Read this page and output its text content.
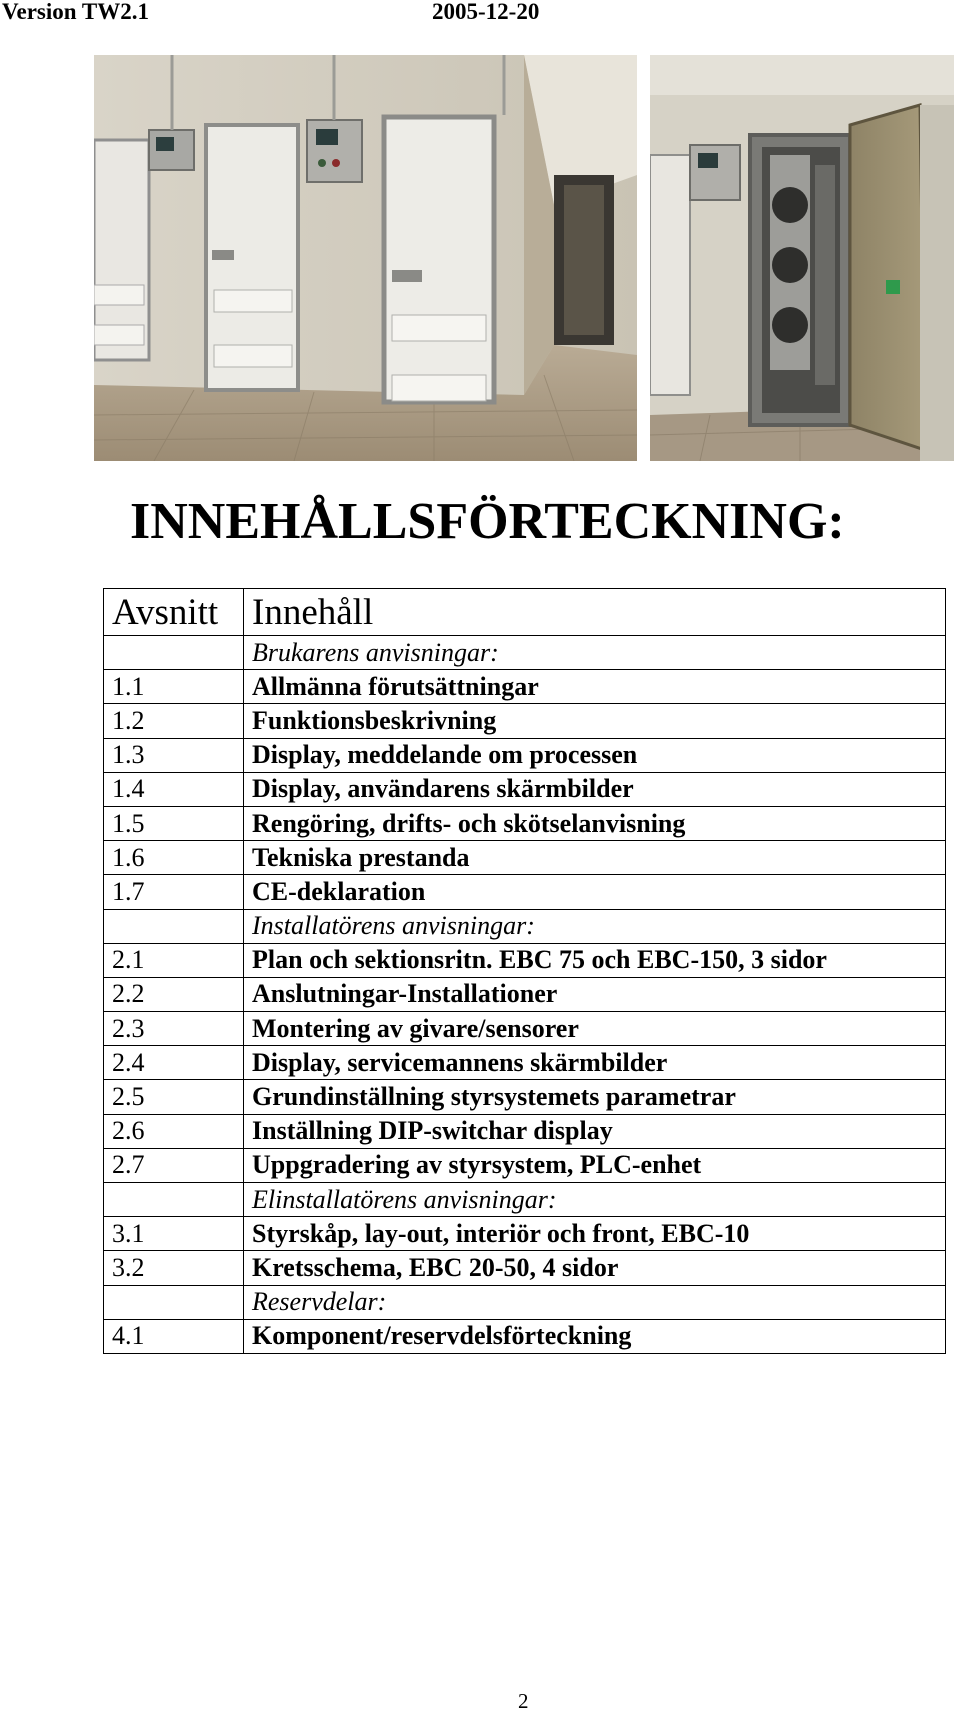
Version TW2.1	2005-12-20
INNEHÅLLSFÖRTECKNING:
Avsnitt	Innehåll
	Brukarens anvisningar:
1.1	Allmänna förutsättningar
1.2	Funktionsbeskrivning
1.3	Display, meddelande om processen
1.4	Display, användarens skärmbilder
1.5	Rengöring, drifts- och skötselanvisning
1.6	Tekniska prestanda
1.7	CE-deklaration
	Installatörens anvisningar:
2.1	Plan och sektionsritn. EBC 75 och EBC-150, 3 sidor
2.2	Anslutningar-Installationer
2.3	Montering av givare/sensorer
2.4	Display, servicemannens skärmbilder
2.5	Grundinställning styrsystemets parametrar
2.6	Inställning DIP-switchar display
2.7	Uppgradering av styrsystem, PLC-enhet
	Elinstallatörens anvisningar:
3.1	Styrskåp, lay-out, interiör och front, EBC-10
3.2	Kretsschema, EBC 20-50, 4 sidor
	Reservdelar:
4.1	Komponent/reservdelsförteckning
2
